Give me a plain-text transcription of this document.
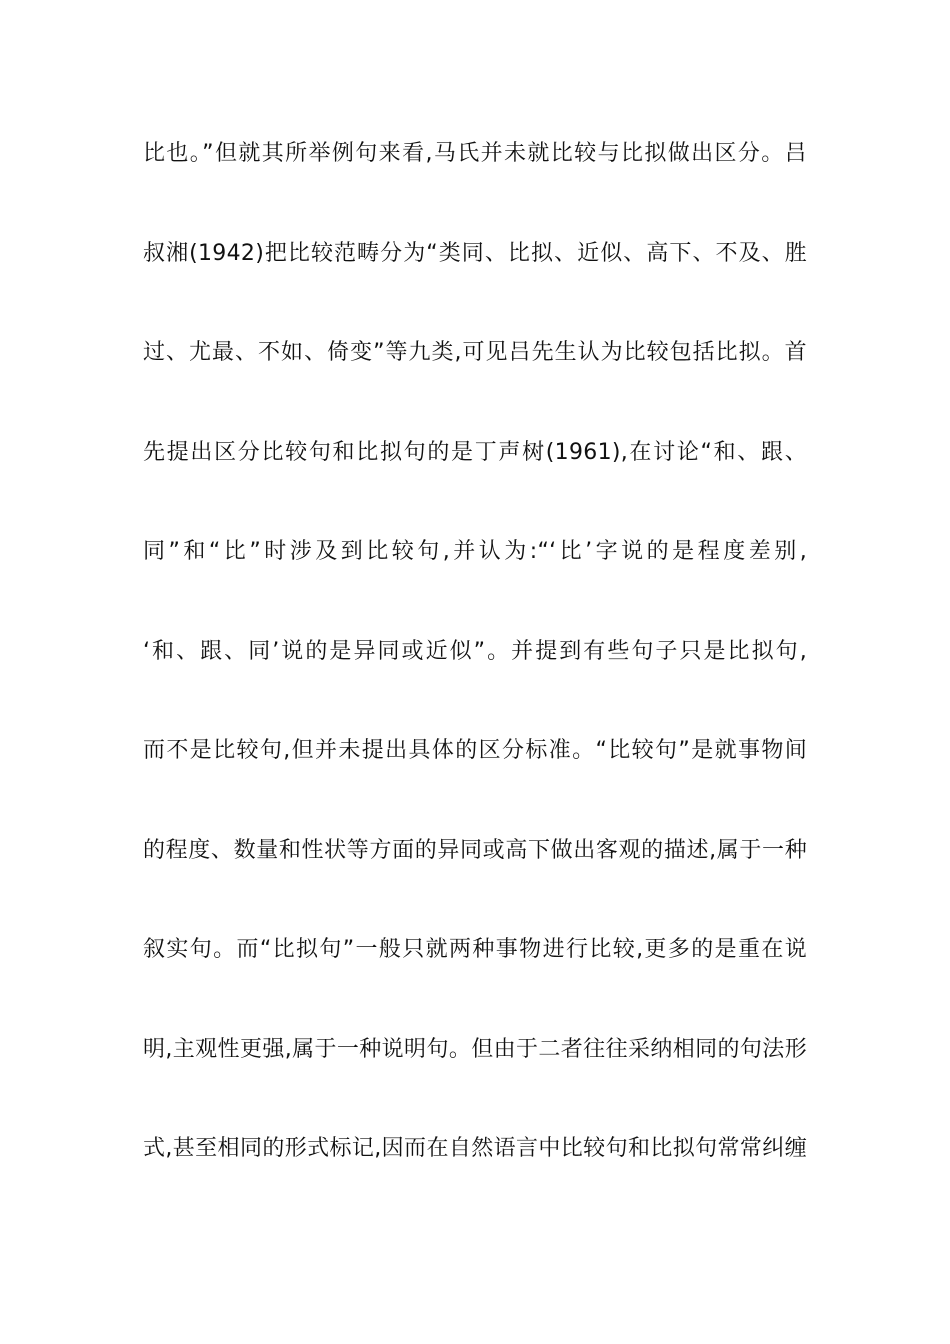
比也。”但就其所举例句来看,马氏并未就比较与比拟做出区分。吕
叔湘(1942)把比较范畴分为“类同、比拟、近似、高下、不及、胜
过、尤最、不如、倚变”等九类,可见吕先生认为比较包括比拟。首
先提出区分比较句和比拟句的是丁声树(1961),在讨论“和、跟、
同”和“比”时涉及到比较句,并认为:“‘比’字说的是程度差别,
‘和、跟、同’说的是异同或近似”。并提到有些句子只是比拟句,
而不是比较句,但并未提出具体的区分标准。“比较句”是就事物间
的程度、数量和性状等方面的异同或高下做出客观的描述,属于一种
叙实句。而“比拟句”一般只就两种事物进行比较,更多的是重在说
明,主观性更强,属于一种说明句。但由于二者往往采纳相同的句法形
式,甚至相同的形式标记,因而在自然语言中比较句和比拟句常常纠缠
